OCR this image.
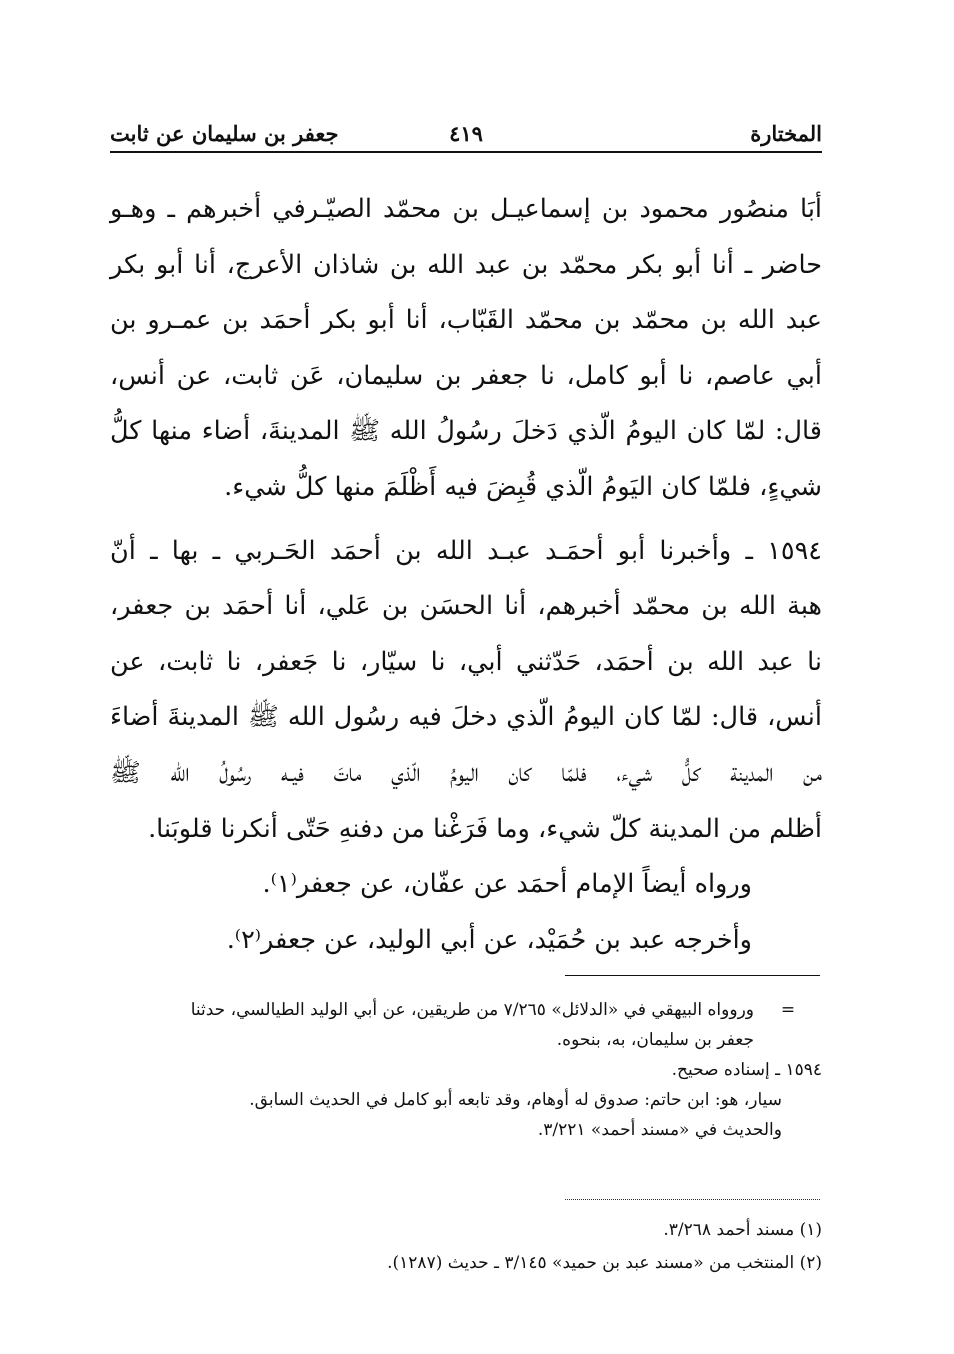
المختارة
٤١٩
جعفر بن سليمان عن ثابت
أبَا منصُور محمود بن إسماعيـل بن محمّد الصيّـرفي أخبرهم ـ وهـو
حاضر ـ أنا أبو بكر محمّد بن عبد الله بن شاذان الأعرج، أنا أبو بكر
عبد الله بن محمّد بن محمّد القَبّاب، أنا أبو بكر أحمَد بن عمـرو بن
أبي عاصم، نا أبو كامل، نا جعفر بن سليمان، عَن ثابت، عن أنس،
قال: لمّا كان اليومُ الّذي دَخلَ رسُولُ الله ﷺ المدينةَ، أضاء منها كلُّ
شيءٍ، فلمّا كان اليَومُ الّذي قُبِضَ فيه أَظْلَمَ منها كلُّ شيء.
١٥٩٤ ـ وأخبرنا أبو أحمَـد عبـد الله بن أحمَد الحَـربي ـ بها ـ أنّ
هبة الله بن محمّد أخبرهم، أنا الحسَن بن عَلي، أنا أحمَد بن جعفر،
نا عبد الله بن أحمَد، حَدّثني أبي، نا سيّار، نا جَعفر، نا ثابت، عن
أنس، قال: لمّا كان اليومُ الّذي دخلَ فيه رسُول الله ﷺ المدينةَ أضاءَ
من المدينة كلُّ شيء، فلمّا كان اليومُ الّذي ماتَ فيـه رسُولُ الله ﷺ
أظلم من المدينة كلّ شيء، وما فَرَغْنا من دفنهِ حَتّى أنكرنا قلوبَنا.
ورواه أيضاً الإمام أحمَد عن عفّان، عن جعفر⁽١⁾.
وأخرجه عبد بن حُمَيْد، عن أبي الوليد، عن جعفر⁽٢⁾.
=وروواه البيهقي في «الدلائل» ٧/٢٦٥ من طريقين، عن أبي الوليد الطيالسي، حدثنا
جعفر بن سليمان، به، بنحوه.
١٥٩٤ ـ إسناده صحيح.
سيار، هو: ابن حاتم: صدوق له أوهام، وقد تابعه أبو كامل في الحديث السابق.
والحديث في «مسند أحمد» ٣/٢٢١.
(١) مسند أحمد ٣/٢٦٨.
(٢) المنتخب من «مسند عبد بن حميد» ٣/١٤٥ ـ حديث (١٢٨٧).
